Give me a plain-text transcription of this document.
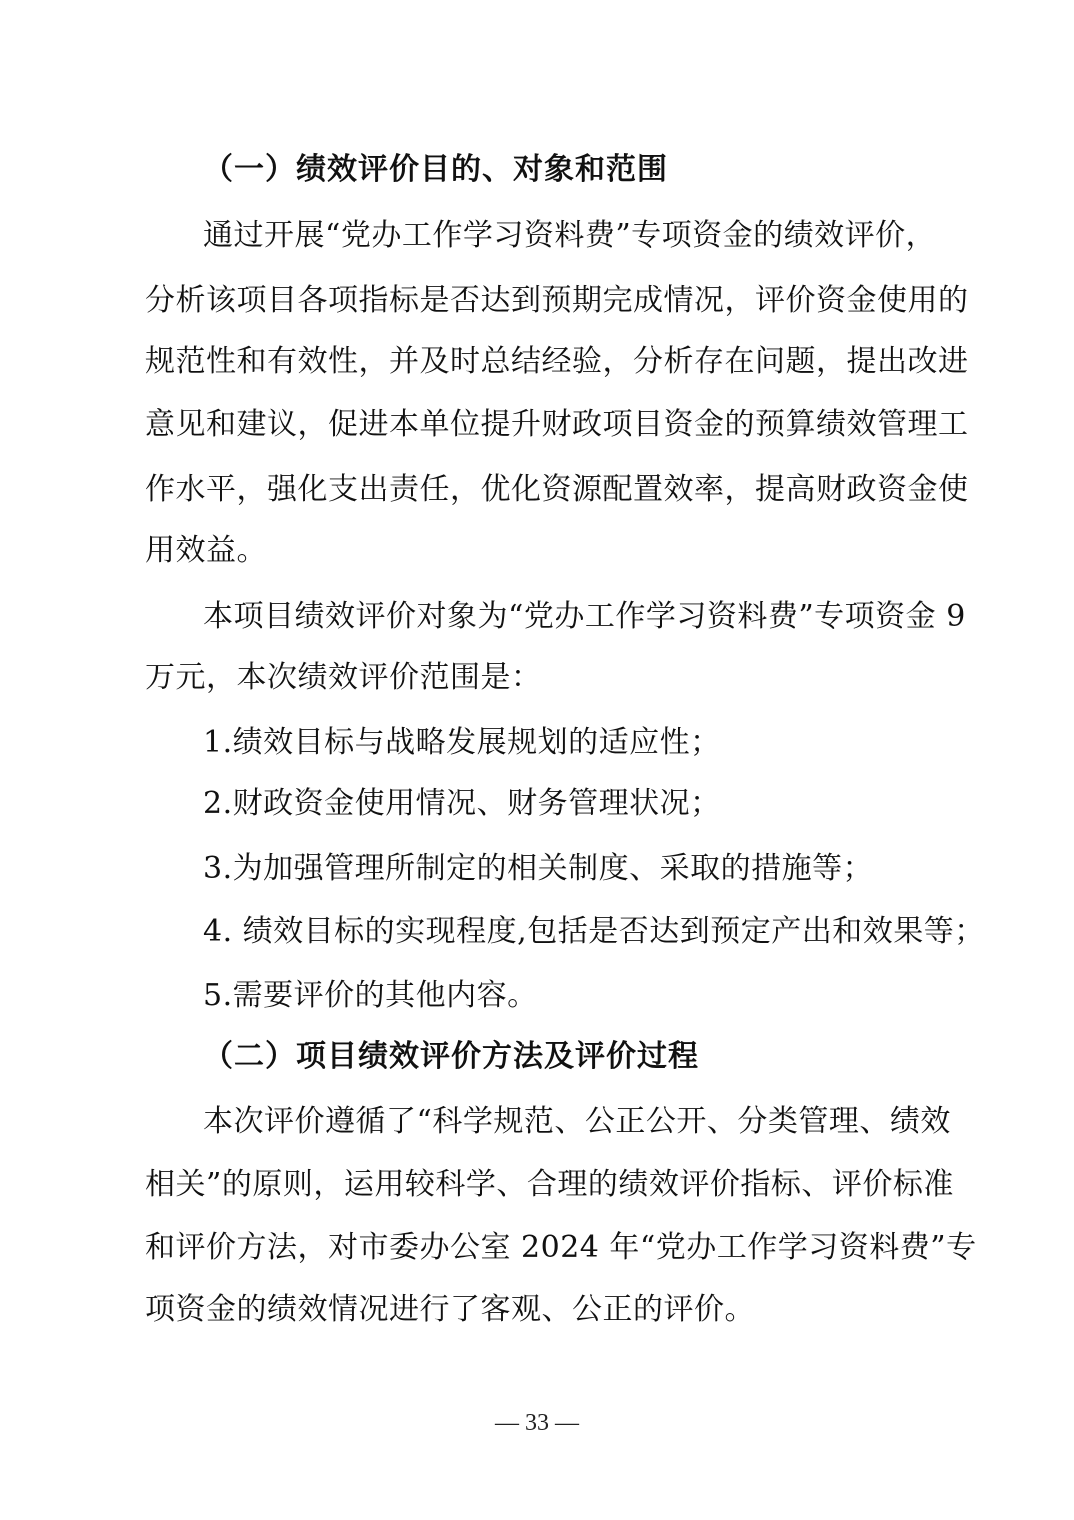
（一）绩效评价目的、对象和范围
通过开展“党办工作学习资料费”专项资金的绩效评价，
分析该项目各项指标是否达到预期完成情况，评价资金使用的
规范性和有效性，并及时总结经验，分析存在问题，提出改进
意见和建议，促进本单位提升财政项目资金的预算绩效管理工
作水平，强化支出责任，优化资源配置效率，提高财政资金使
用效益。
本项目绩效评价对象为“党办工作学习资料费”专项资金 9
万元，本次绩效评价范围是：
1.绩效目标与战略发展规划的适应性；
2.财政资金使用情况、财务管理状况；
3.为加强管理所制定的相关制度、采取的措施等；
4. 绩效目标的实现程度,包括是否达到预定产出和效果等；
5.需要评价的其他内容。
（二）项目绩效评价方法及评价过程
本次评价遵循了“科学规范、公正公开、分类管理、绩效
相关”的原则，运用较科学、合理的绩效评价指标、评价标准
和评价方法，对市委办公室 2024 年“党办工作学习资料费”专
项资金的绩效情况进行了客观、公正的评价。
— 33 —
